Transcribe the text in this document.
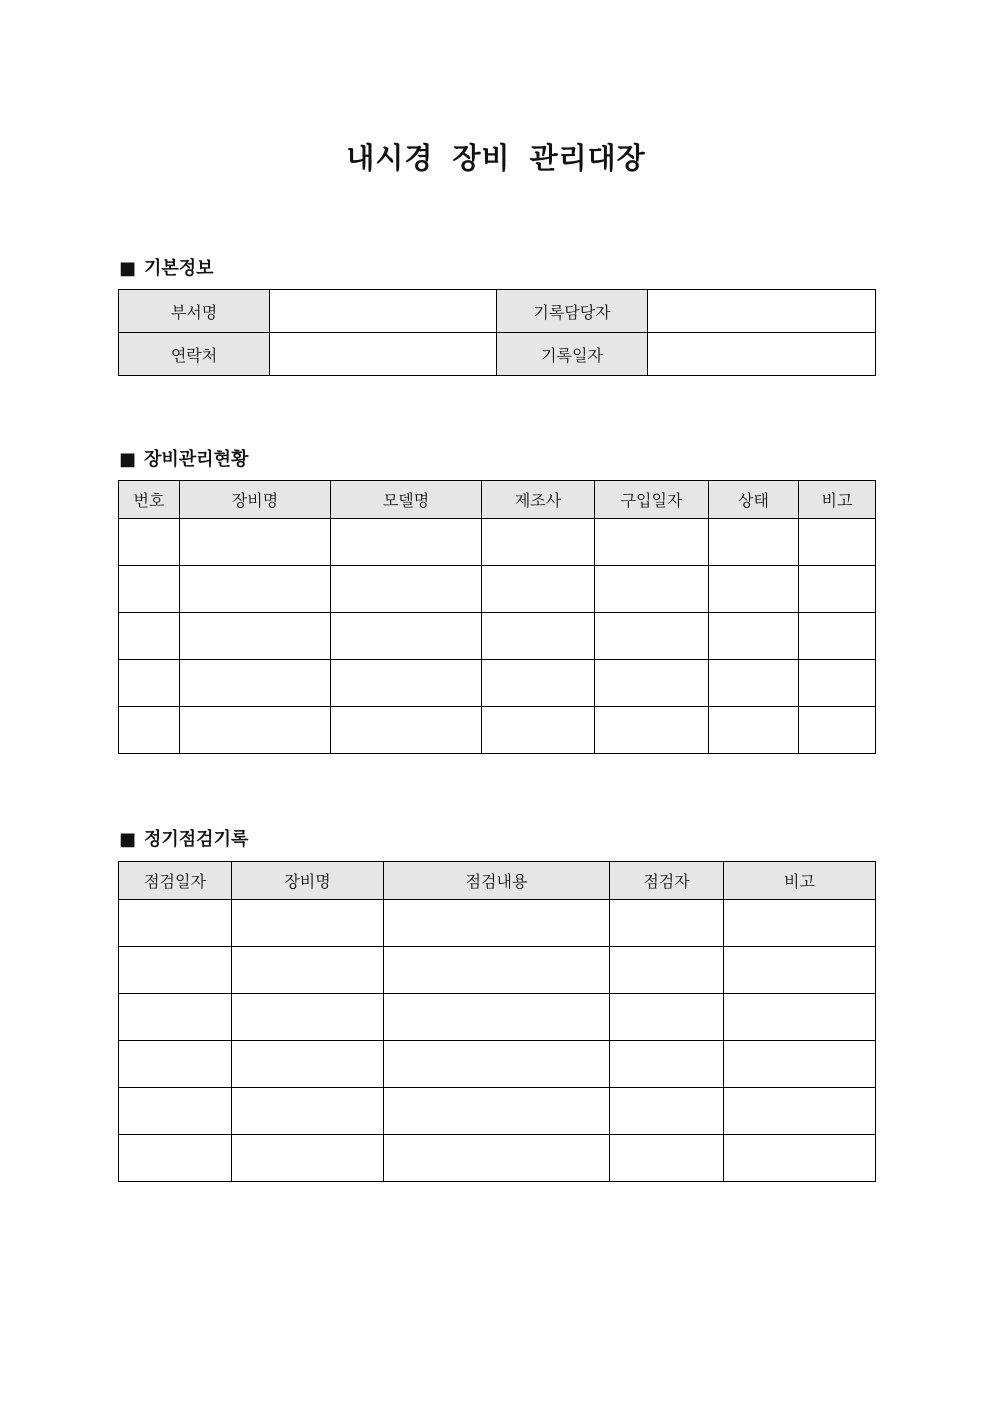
내시경 장비 관리대장
■ 기본정보
부서명		기록담당자	
연락처		기록일자	
■ 장비관리현황
번호	장비명	모델명	제조사	구입일자	상태	비고

■ 정기점검기록
점검일자	장비명	점검내용	점검자	비고
